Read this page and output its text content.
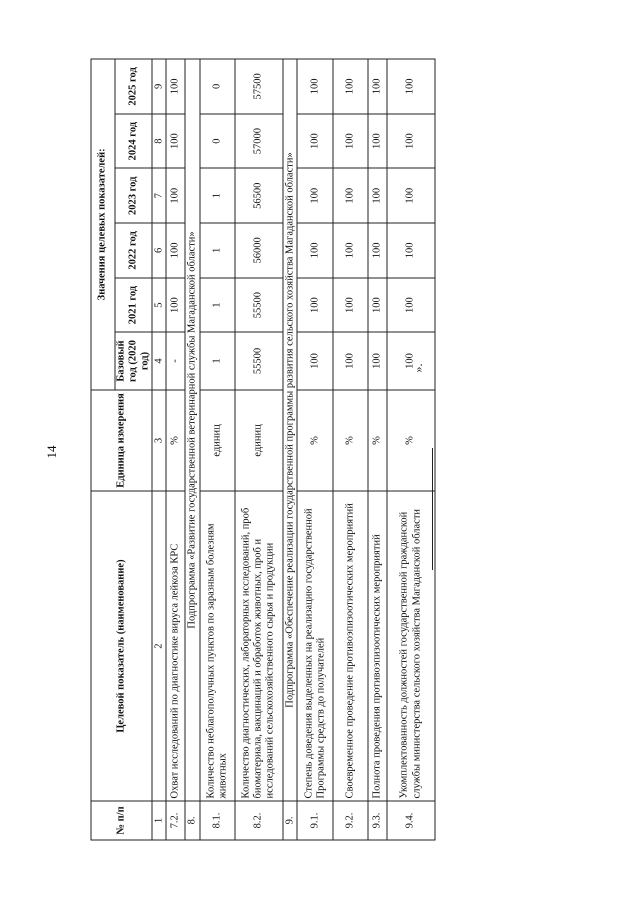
14
№ п/п	Целевой показатель (наименование)	Единица измерения	Значения целевых показателей:					
			Базовый год (2020 год)	2021 год	2022 год	2023 год	2024 год	2025 год
1	2	3	4	5	6	7	8	9
7.2.	Охват исследований по диагностике вируса лейкоза КРС	%	-	100	100	100	100	100
8.	Подпрограмма «Развитие государственной ветеринарной службы Магаданской области»							
8.1.	Количество неблагополучных пунктов по заразным болезням животных	единиц	1	1	1	1	0	0
8.2.	Количество диагностических, лабораторных исследований, проб биоматериала, вакцинаций и обработок животных, проб и исследований сельскохозяйственного сырья и продукции	единиц	55500	55500	56000	56500	57000	57500
9.	Подпрограмма «Обеспечение реализации государственной программы развития сельского хозяйства Магаданской области»							
9.1.	Степень доведения выделенных на реализацию государственной Программы средств до получателей	%	100	100	100	100	100	100
9.2.	Своевременное проведение противоэпизоотических мероприятий	%	100	100	100	100	100	100
9.3.	Полнота проведения противоэпизоотических мероприятий	%	100	100	100	100	100	100
9.4.	Укомплектованность должностей государственной гражданской службы министерства сельского хозяйства Магаданской области	%	100	100	100	100	100	100
».
